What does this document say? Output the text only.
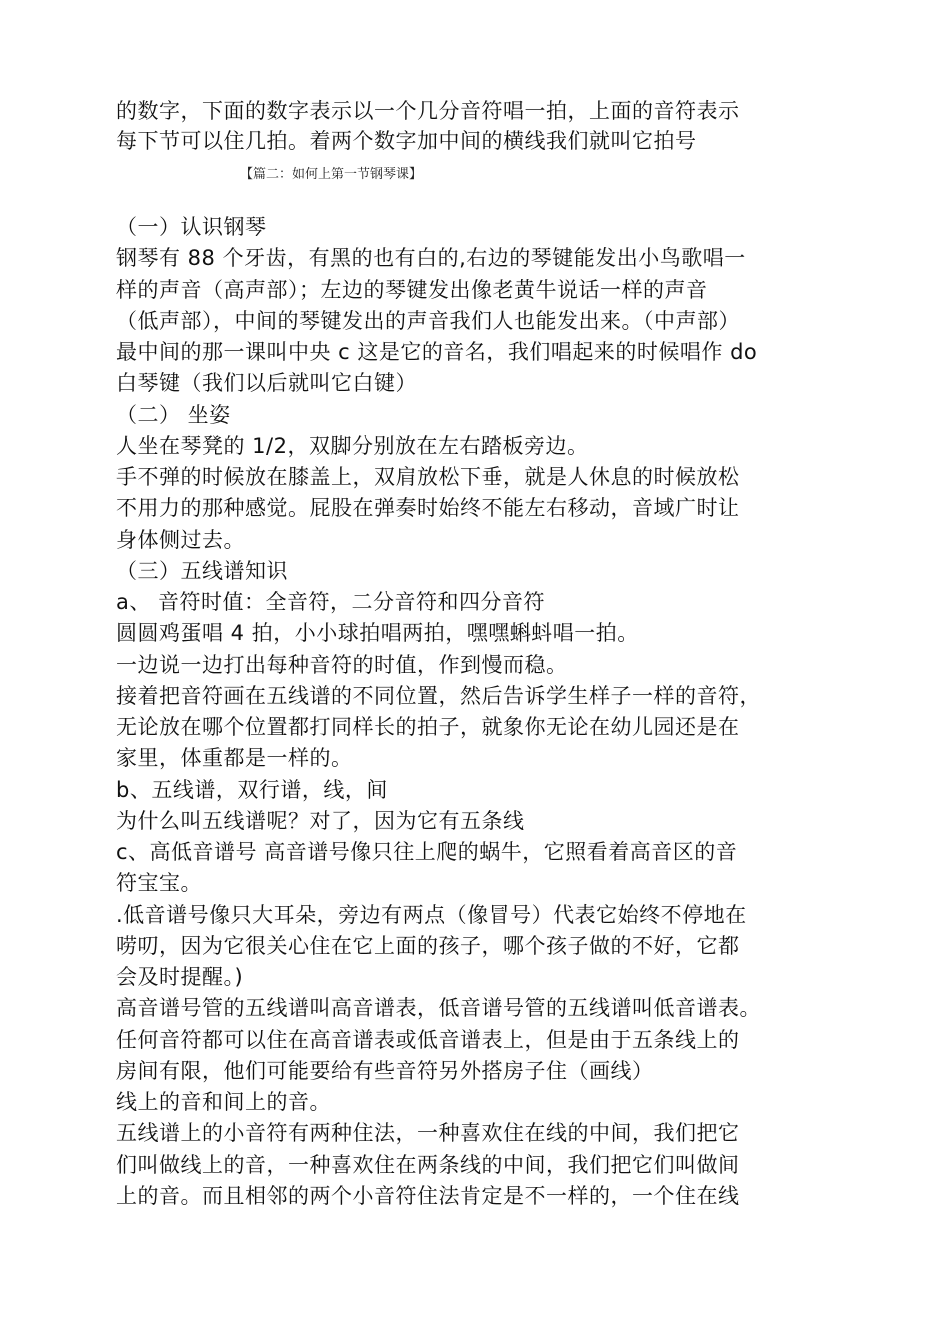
的数字，下面的数字表示以一个几分音符唱一拍，上面的音符表示
每下节可以住几拍。着两个数字加中间的横线我们就叫它拍号
【篇二：如何上第一节钢琴课】
（一）认识钢琴
钢琴有 88 个牙齿，有黑的也有白的,右边的琴键能发出小鸟歌唱一
样的声音（高声部）；左边的琴键发出像老黄牛说话一样的声音
（低声部），中间的琴键发出的声音我们人也能发出来。（中声部）
最中间的那一课叫中央 c 这是它的音名，我们唱起来的时候唱作 do
白琴键（我们以后就叫它白键）
（二） 坐姿
人坐在琴凳的 1/2，双脚分别放在左右踏板旁边。
手不弹的时候放在膝盖上，双肩放松下垂，就是人休息的时候放松
不用力的那种感觉。屁股在弹奏时始终不能左右移动，音域广时让
身体侧过去。
（三）五线谱知识
a、 音符时值：全音符，二分音符和四分音符
圆圆鸡蛋唱 4 拍，小小球拍唱两拍，嘿嘿蝌蚪唱一拍。
一边说一边打出每种音符的时值，作到慢而稳。
接着把音符画在五线谱的不同位置，然后告诉学生样子一样的音符，
无论放在哪个位置都打同样长的拍子，就象你无论在幼儿园还是在
家里，体重都是一样的。
b、五线谱，双行谱，线，间
为什么叫五线谱呢？对了，因为它有五条线
c、高低音谱号 高音谱号像只往上爬的蜗牛，它照看着高音区的音
符宝宝。
.低音谱号像只大耳朵，旁边有两点（像冒号）代表它始终不停地在
唠叨，因为它很关心住在它上面的孩子，哪个孩子做的不好，它都
会及时提醒。)
高音谱号管的五线谱叫高音谱表，低音谱号管的五线谱叫低音谱表。
任何音符都可以住在高音谱表或低音谱表上，但是由于五条线上的
房间有限，他们可能要给有些音符另外搭房子住（画线）
线上的音和间上的音。
五线谱上的小音符有两种住法，一种喜欢住在线的中间，我们把它
们叫做线上的音，一种喜欢住在两条线的中间，我们把它们叫做间
上的音。而且相邻的两个小音符住法肯定是不一样的，一个住在线
